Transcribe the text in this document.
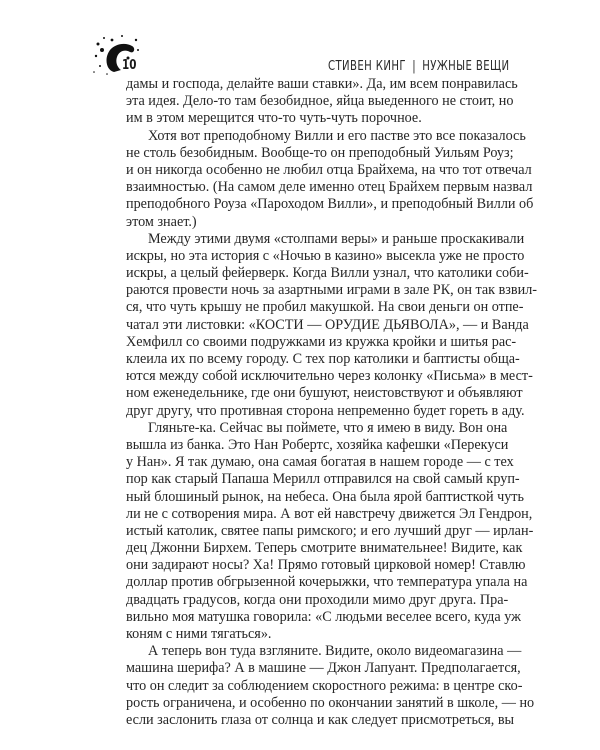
10	СТИВЕН КИНГ | НУЖНЫЕ ВЕЩИ
дамы и господа, делайте ваши ставки». Да, им всем понравилась
эта идея. Дело-то там безобидное, яйца выеденного не стоит, но
им в этом мерещится что-то чуть-чуть порочное.
Хотя вот преподобному Вилли и его пастве это все показалось
не столь безобидным. Вообще-то он преподобный Уильям Роуз;
и он никогда особенно не любил отца Брайхема, на что тот отвечал
взаимностью. (На самом деле именно отец Брайхем первым назвал
преподобного Роуза «Пароходом Вилли», и преподобный Вилли об
этом знает.)
Между этими двумя «столпами веры» и раньше проскакивали
искры, но эта история с «Ночью в казино» высекла уже не просто
искры, а целый фейерверк. Когда Вилли узнал, что католики соби-
раются провести ночь за азартными играми в зале РК, он так взвил-
ся, что чуть крышу не пробил макушкой. На свои деньги он отпе-
чатал эти листовки: «КОСТИ — ОРУДИЕ ДЬЯВОЛА», — и Ванда
Хемфилл со своими подружками из кружка кройки и шитья рас-
клеила их по всему городу. С тех пор католики и баптисты обща-
ются между собой исключительно через колонку «Письма» в мест-
ном еженедельнике, где они бушуют, неистовствуют и объявляют
друг другу, что противная сторона непременно будет гореть в аду.
Гляньте-ка. Сейчас вы поймете, что я имею в виду. Вон она
вышла из банка. Это Нан Робертс, хозяйка кафешки «Перекуси
у Нан». Я так думаю, она самая богатая в нашем городе — с тех
пор как старый Папаша Мерилл отправился на свой самый круп-
ный блошиный рынок, на небеса. Она была ярой баптисткой чуть
ли не с сотворения мира. А вот ей навстречу движется Эл Гендрон,
истый католик, святее папы римского; и его лучший друг — ирлан-
дец Джонни Бирхем. Теперь смотрите внимательнее! Видите, как
они задирают носы? Ха! Прямо готовый цирковой номер! Ставлю
доллар против обгрызенной кочерыжки, что температура упала на
двадцать градусов, когда они проходили мимо друг друга. Пра-
вильно моя матушка говорила: «С людьми веселее всего, куда уж
коням с ними тягаться».
А теперь вон туда взгляните. Видите, около видеомагазина —
машина шерифа? А в машине — Джон Лапуант. Предполагается,
что он следит за соблюдением скоростного режима: в центре ско-
рость ограничена, и особенно по окончании занятий в школе, — но
если заслонить глаза от солнца и как следует присмотреться, вы
